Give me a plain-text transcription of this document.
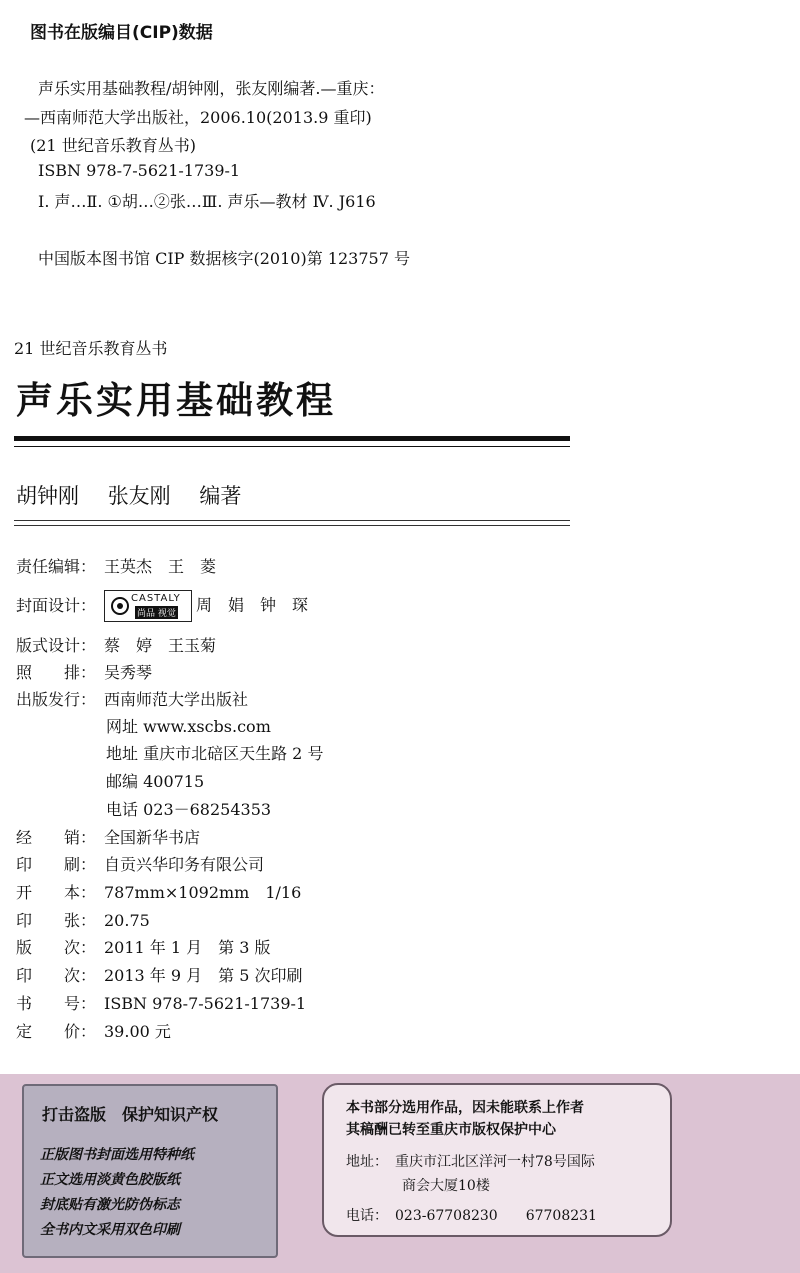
图书在版编目(CIP)数据
声乐实用基础教程/胡钟刚，张友刚编著.—重庆：
—西南师范大学出版社，2006.10(2013.9 重印)
(21 世纪音乐教育丛书)
ISBN 978-7-5621-1739-1
Ⅰ. 声…Ⅱ. ①胡…②张…Ⅲ. 声乐—教材 Ⅳ. J616
中国版本图书馆 CIP 数据核字(2010)第 123757 号
21 世纪音乐教育丛书
声乐实用基础教程
胡钟刚 张友刚 编著
责任编辑： 王英杰　王　菱
封面设计：	CASTALY
尚品 视觉 周　娟　钟　琛
版式设计： 蔡　婷　王玉菊
照　　排： 吴秀琴
出版发行： 西南师范大学出版社
网址 www.xscbs.com
地址 重庆市北碚区天生路 2 号
邮编 400715
电话 023－68254353
经　　销： 全国新华书店
印　　刷： 自贡兴华印务有限公司
开　　本： 787mm×1092mm　1/16
印　　张： 20.75
版　　次： 2011 年 1 月　第 3 版
印　　次： 2013 年 9 月　第 5 次印刷
书　　号： ISBN 978-7-5621-1739-1
定　　价： 39.00 元
打击盗版　保护知识产权
正版图书封面选用特种纸
正文选用淡黄色胶版纸
封底贴有激光防伪标志
全书内文采用双色印刷
本书部分选用作品，因未能联系上作者
其稿酬已转至重庆市版权保护中心
地址：　重庆市江北区洋河一村78号国际
商会大厦10楼
电话：　023-67708230　　67708231
